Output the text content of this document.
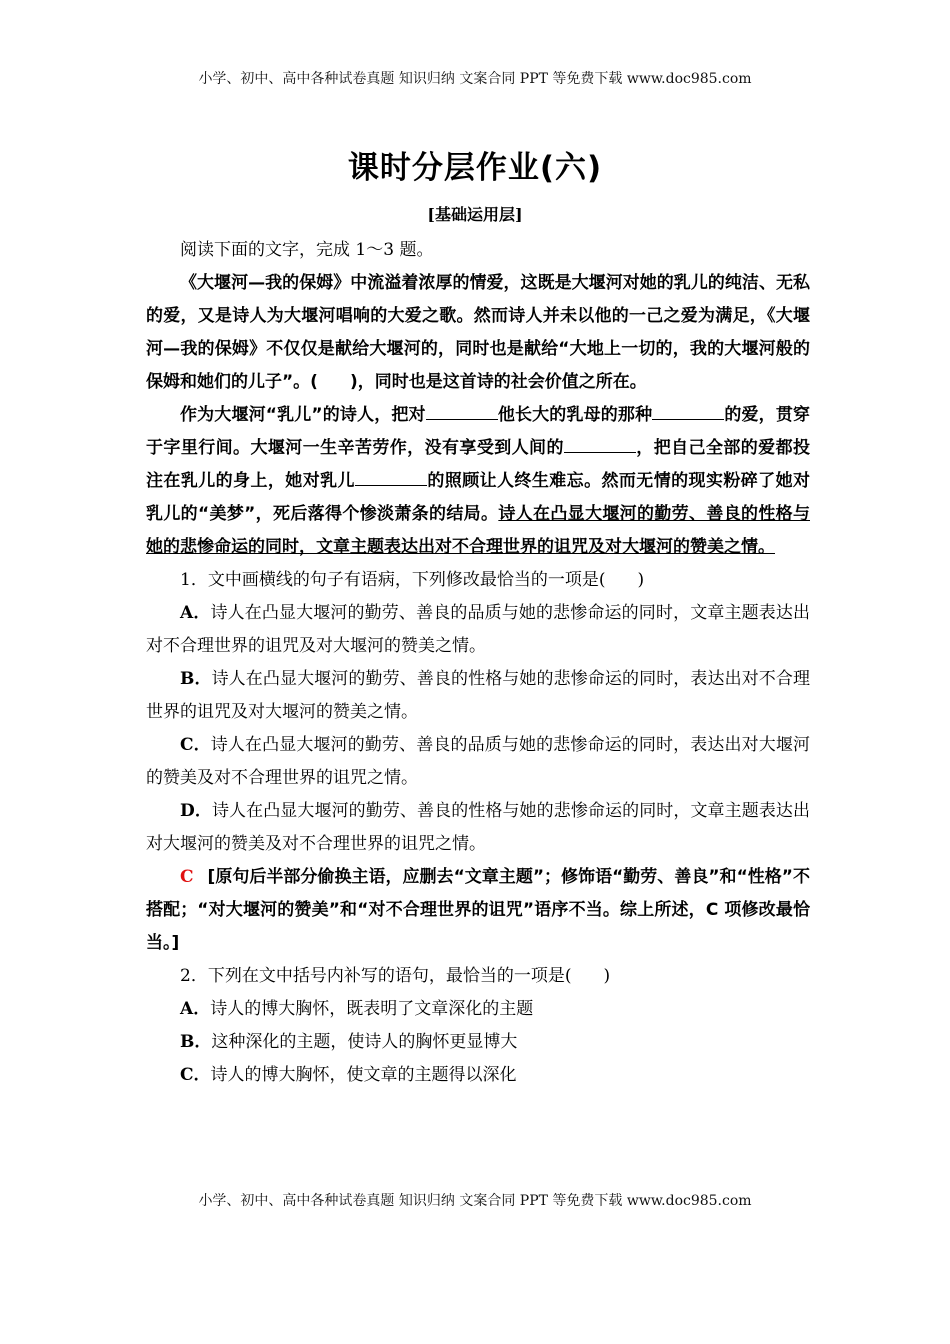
小学、初中、高中各种试卷真题 知识归纳 文案合同 PPT 等免费下载 www.doc985.com
课时分层作业(六)
[基础运用层]

阅读下面的文字，完成 1～3 题。

《大堰河—我的保姆》中流溢着浓厚的情爱，这既是大堰河对她的乳儿的纯洁、无私的爱，又是诗人为大堰河唱响的大爱之歌。然而诗人并未以他的一己之爱为满足，《大堰河—我的保姆》不仅仅是献给大堰河的，同时也是献给“大地上一切的，我的大堰河般的保姆和她们的儿子”。( )，同时也是这首诗的社会价值之所在。

作为大堰河“乳儿”的诗人，把对	他长大的乳母的那种	的爱，贯穿于字里行间。大堰河一生辛苦劳作，没有享受到人间的	，把自己全部的爱都投注在乳儿的身上，她对乳儿	的照顾让人终生难忘。然而无情的现实粉碎了她对乳儿的“美梦”，死后落得个惨淡萧条的结局。诗人在凸显大堰河的勤劳、善良的性格与她的悲惨命运的同时，文章主题表达出对不合理世界的诅咒及对大堰河的赞美之情。

1．文中画横线的句子有语病，下列修改最恰当的一项是( )

A．诗人在凸显大堰河的勤劳、善良的品质与她的悲惨命运的同时，文章主题表达出对不合理世界的诅咒及对大堰河的赞美之情。

B．诗人在凸显大堰河的勤劳、善良的性格与她的悲惨命运的同时，表达出对不合理世界的诅咒及对大堰河的赞美之情。

C．诗人在凸显大堰河的勤劳、善良的品质与她的悲惨命运的同时，表达出对大堰河的赞美及对不合理世界的诅咒之情。

D．诗人在凸显大堰河的勤劳、善良的性格与她的悲惨命运的同时，文章主题表达出对大堰河的赞美及对不合理世界的诅咒之情。

C [原句后半部分偷换主语，应删去“文章主题”；修饰语“勤劳、善良”和“性格”不搭配；“对大堰河的赞美”和“对不合理世界的诅咒”语序不当。综上所述，C 项修改最恰当。]

2．下列在文中括号内补写的语句，最恰当的一项是( )

A．诗人的博大胸怀，既表明了文章深化的主题

B．这种深化的主题，使诗人的胸怀更显博大

C．诗人的博大胸怀，使文章的主题得以深化

小学、初中、高中各种试卷真题 知识归纳 文案合同 PPT 等免费下载 www.doc985.com
